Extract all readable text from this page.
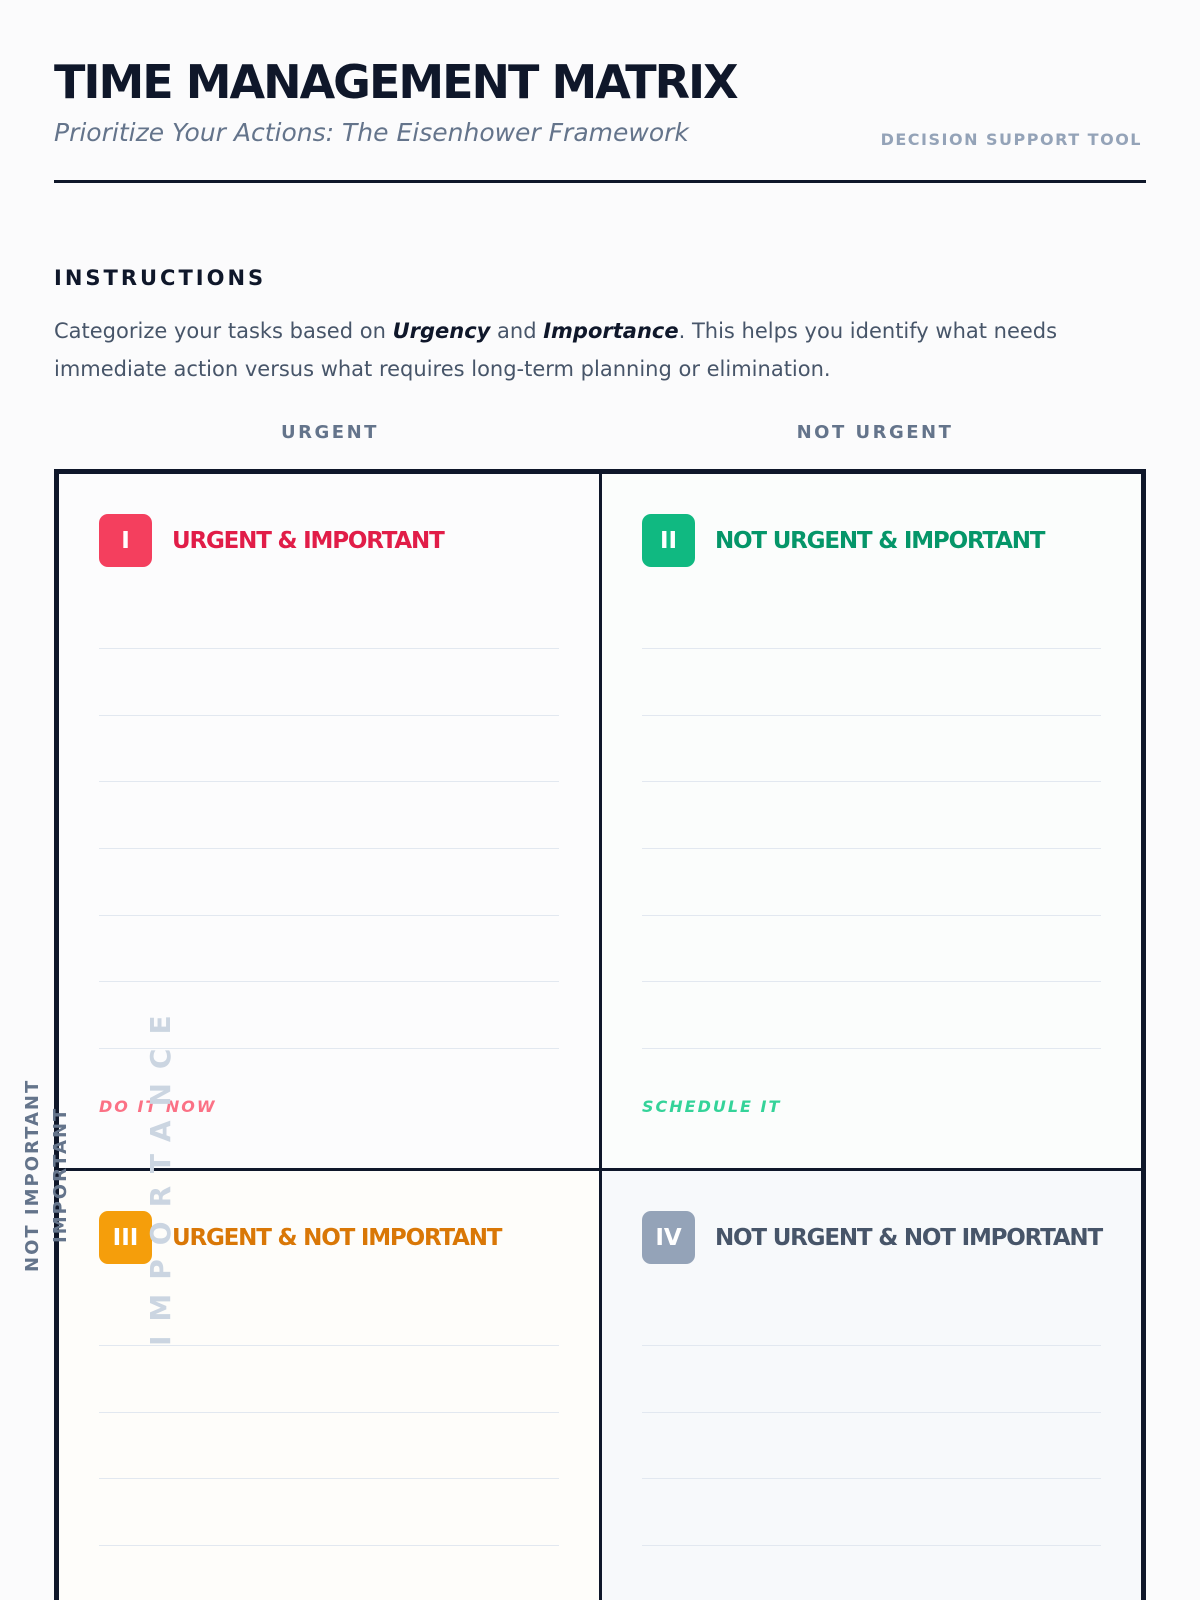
TIME MANAGEMENT MATRIX
Prioritize Your Actions: The Eisenhower Framework	DECISION SUPPORT TOOL
INSTRUCTIONS
Categorize your tasks based on Urgency and Importance. This helps you identify what needs immediate action versus what requires long-term planning or elimination.
URGENT	NOT URGENT
I	URGENT & IMPORTANT
DO IT NOW
II	NOT URGENT & IMPORTANT
SCHEDULE IT
III	URGENT & NOT IMPORTANT	IV	NOT URGENT & NOT IMPORTANT
NOT IMPORTANT IMPORTANT	IMPORTANCE
